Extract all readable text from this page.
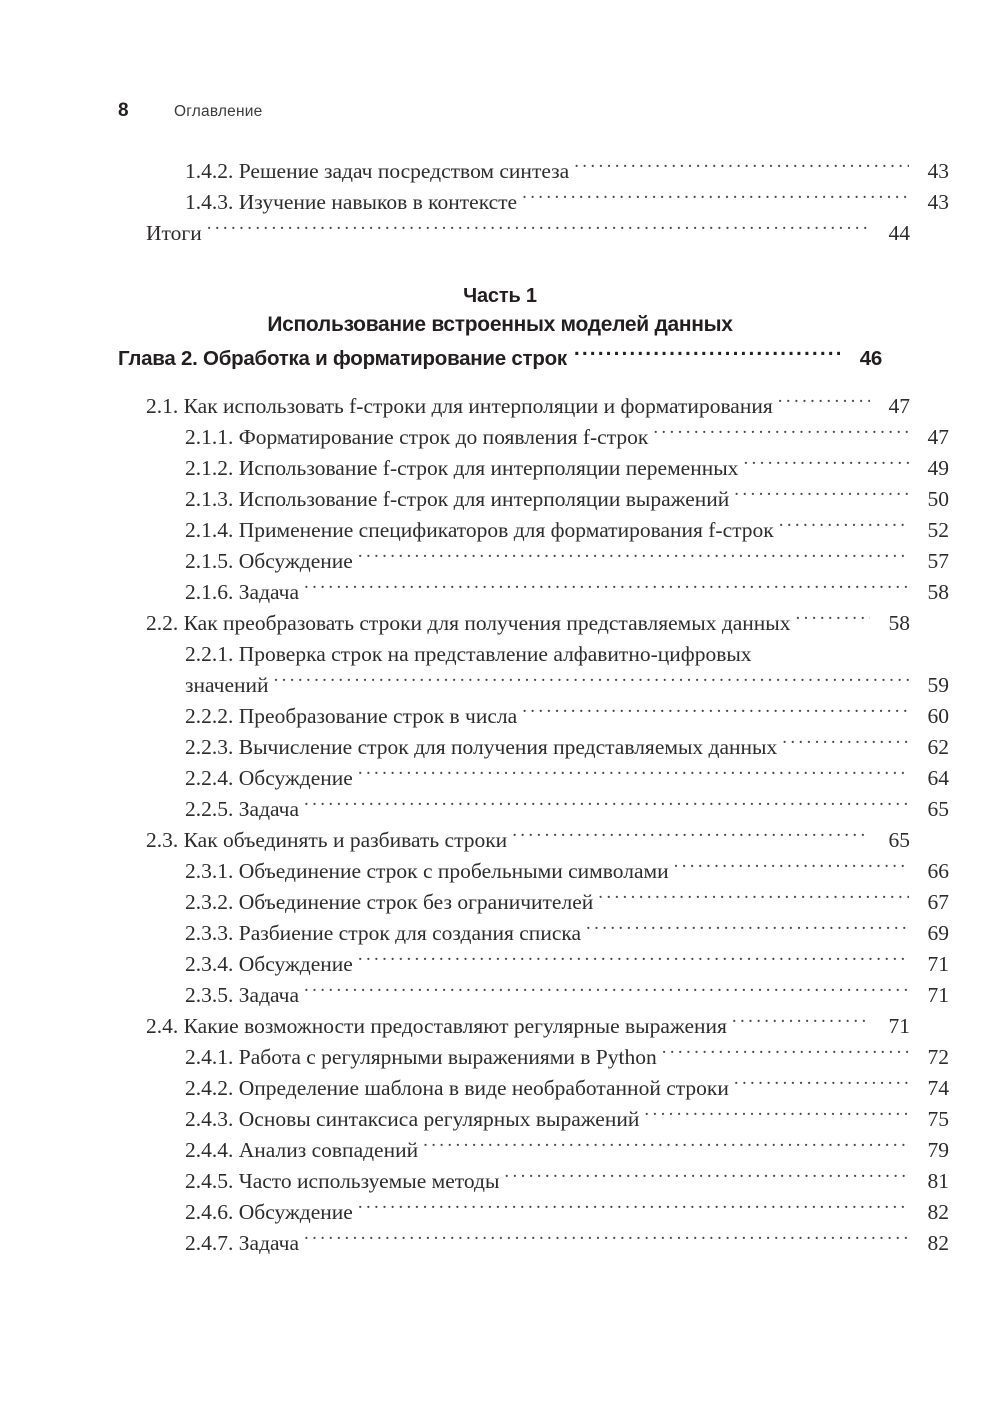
8	Оглавление
1.4.2. Решение задач посредством синтеза . . .	43
1.4.3. Изучение навыков в контексте . . .	43
Итоги . . .	44
Часть 1
Использование встроенных моделей данных
Глава 2. Обработка и форматирование строк .....	46
2.1. Как использовать f-строки для интерполяции и форматирования . . .	47
2.1.1. Форматирование строк до появления f-строк . . .	47
2.1.2. Использование f-строк для интерполяции переменных . . .	49
2.1.3. Использование f-строк для интерполяции выражений . . .	50
2.1.4. Применение спецификаторов для форматирования f-строк . . .	52
2.1.5. Обсуждение . . .	57
2.1.6. Задача . . .	58
2.2. Как преобразовать строки для получения представляемых данных . . .	58
2.2.1. Проверка строк на представление алфавитно-цифровых
значений . . .	59
2.2.2. Преобразование строк в числа . . .	60
2.2.3. Вычисление строк для получения представляемых данных . . .	62
2.2.4. Обсуждение . . .	64
2.2.5. Задача . . .	65
2.3. Как объединять и разбивать строки . . .	65
2.3.1. Объединение строк с пробельными символами . . .	66
2.3.2. Объединение строк без ограничителей . . .	67
2.3.3. Разбиение строк для создания списка . . .	69
2.3.4. Обсуждение . . .	71
2.3.5. Задача . . .	71
2.4. Какие возможности предоставляют регулярные выражения . . .	71
2.4.1. Работа с регулярными выражениями в Python . . .	72
2.4.2. Определение шаблона в виде необработанной строки . . .	74
2.4.3. Основы синтаксиса регулярных выражений . . .	75
2.4.4. Анализ совпадений . . .	79
2.4.5. Часто используемые методы . . .	81
2.4.6. Обсуждение . . .	82
2.4.7. Задача . . .	82
